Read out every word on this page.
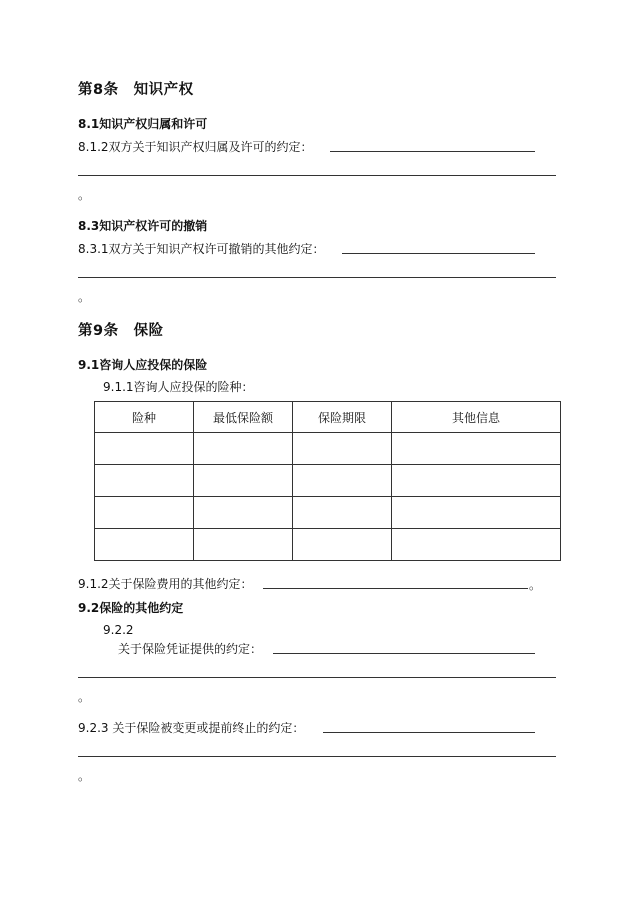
第8条　知识产权
8.1知识产权归属和许可
8.1.2双方关于知识产权归属及许可的约定：
。
8.3知识产权许可的撤销
8.3.1双方关于知识产权许可撤销的其他约定：
。
第9条　保险
9.1咨询人应投保的保险
9.1.1咨询人应投保的险种：
险种	最低保险额	保险期限	其他信息

9.1.2关于保险费用的其他约定：	。
9.2保险的其他约定
9.2.2
关于保险凭证提供的约定：
。
9.2.3 关于保险被变更或提前终止的约定：
。
